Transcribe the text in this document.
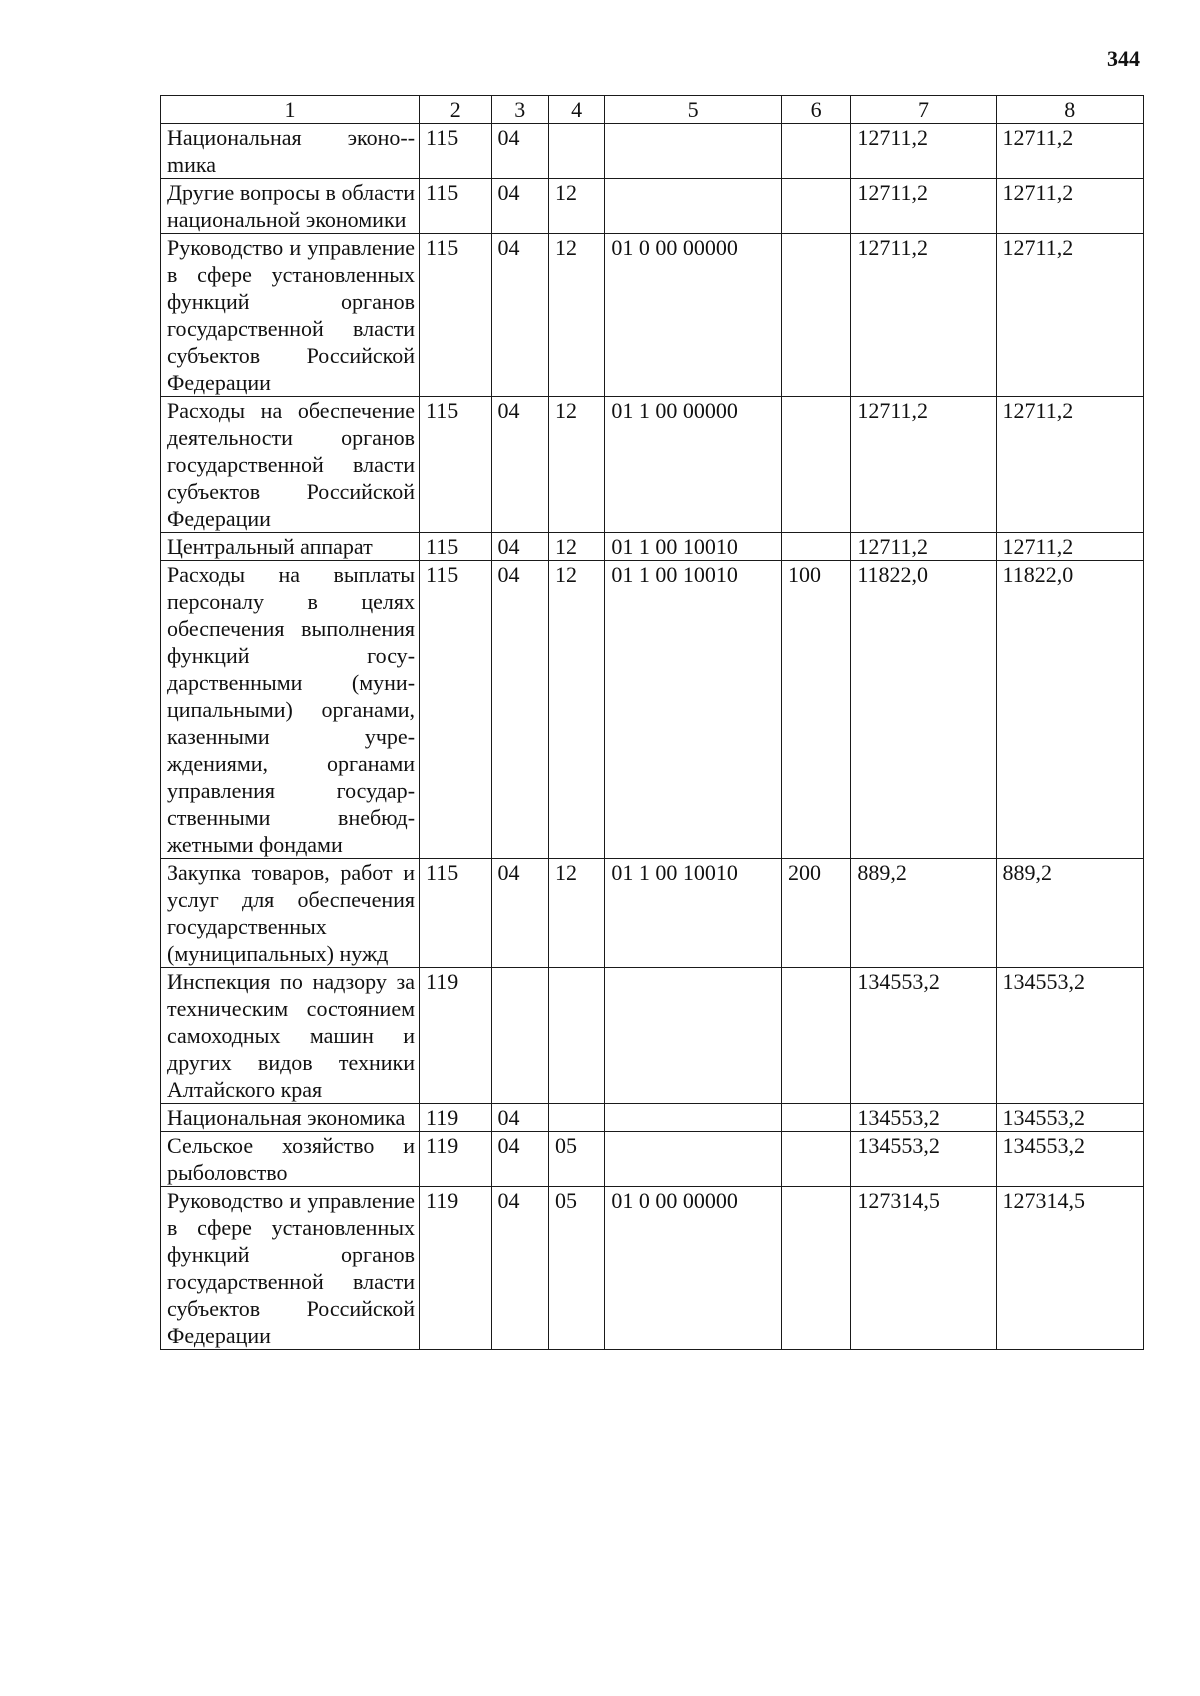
344
1	2	3	4	5	6	7	8
Национальная эконо-mика	115	04				12711,2	12711,2
Другие вопросы в области национальной экономики	115	04	12			12711,2	12711,2
Руководство и управление в сфере установленных функций органов государственной власти субъектов Российской Федерации	115	04	12	01 0 00 00000		12711,2	12711,2
Расходы на обеспечение деятельности органов государственной власти субъектов Российской Федерации	115	04	12	01 1 00 00000		12711,2	12711,2
Центральный аппарат	115	04	12	01 1 00 10010		12711,2	12711,2
Расходы на выплаты персоналу в целях обеспечения выполнения функций государственными (муниципальными) органами, казенными учреждениями, органами управления государственными внебюджетными фондами	115	04	12	01 1 00 10010	100	11822,0	11822,0
Закупка товаров, работ и услуг для обеспечения государственных (муниципальных) нужд	115	04	12	01 1 00 10010	200	889,2	889,2
Инспекция по надзору за техническим состоянием самоходных машин и других видов техники Алтайского края	119					134553,2	134553,2
Национальная экономика	119	04				134553,2	134553,2
Сельское хозяйство и рыболовство	119	04	05			134553,2	134553,2
Руководство и управление в сфере установленных функций органов государственной власти субъектов Российской Федерации	119	04	05	01 0 00 00000		127314,5	127314,5
